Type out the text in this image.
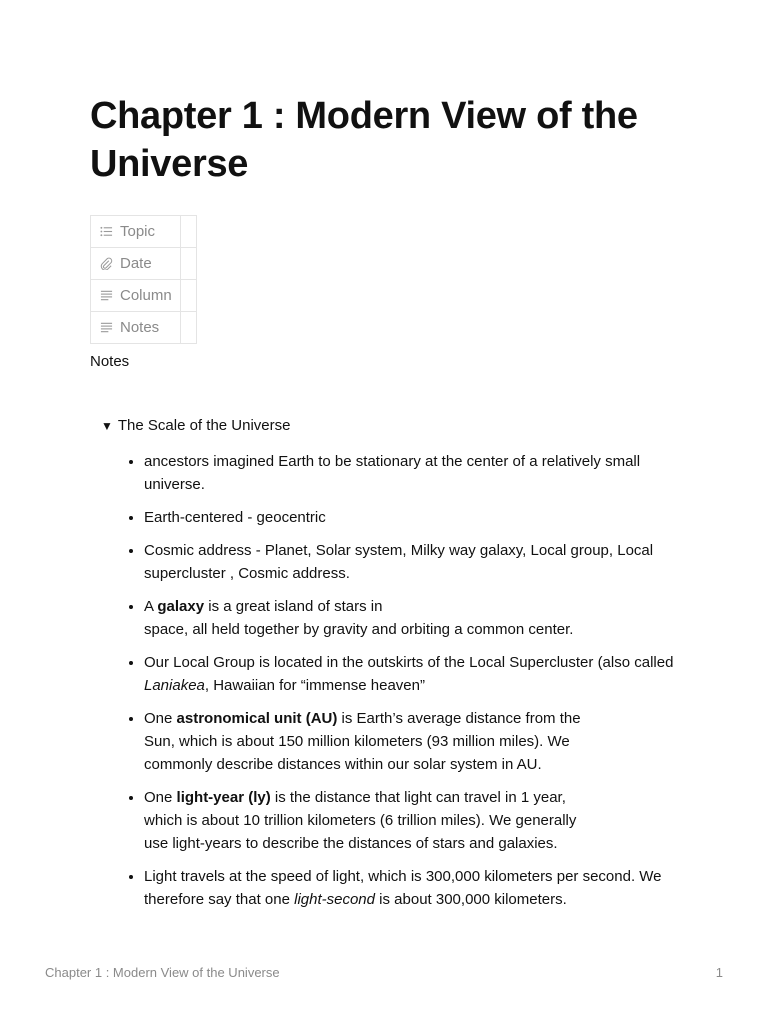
Chapter 1 : Modern View of the Universe
Topic	

Date	

Column	

Notes	

Notes
▼ The Scale of the Universe
• ancestors imagined Earth to be stationary at the center of a relatively small universe.
• Earth-centered - geocentric
• Cosmic address - Planet, Solar system, Milky way galaxy, Local group, Local supercluster , Cosmic address.
• A galaxy is a great island of stars in
space, all held together by gravity and orbiting a common center.
• Our Local Group is located in the outskirts of the Local Supercluster (also called Laniakea, Hawaiian for “immense heaven”
• One astronomical unit (AU) is Earth’s average distance from the
Sun, which is about 150 million kilometers (93 million miles). We
commonly describe distances within our solar system in AU.
• One light-year (ly) is the distance that light can travel in 1 year,
which is about 10 trillion kilometers (6 trillion miles). We generally
use light-years to describe the distances of stars and galaxies.
• Light travels at the speed of light, which is 300,000 kilometers per second. We therefore say that one light-second is about 300,000 kilometers.
Chapter 1 : Modern View of the Universe	1
